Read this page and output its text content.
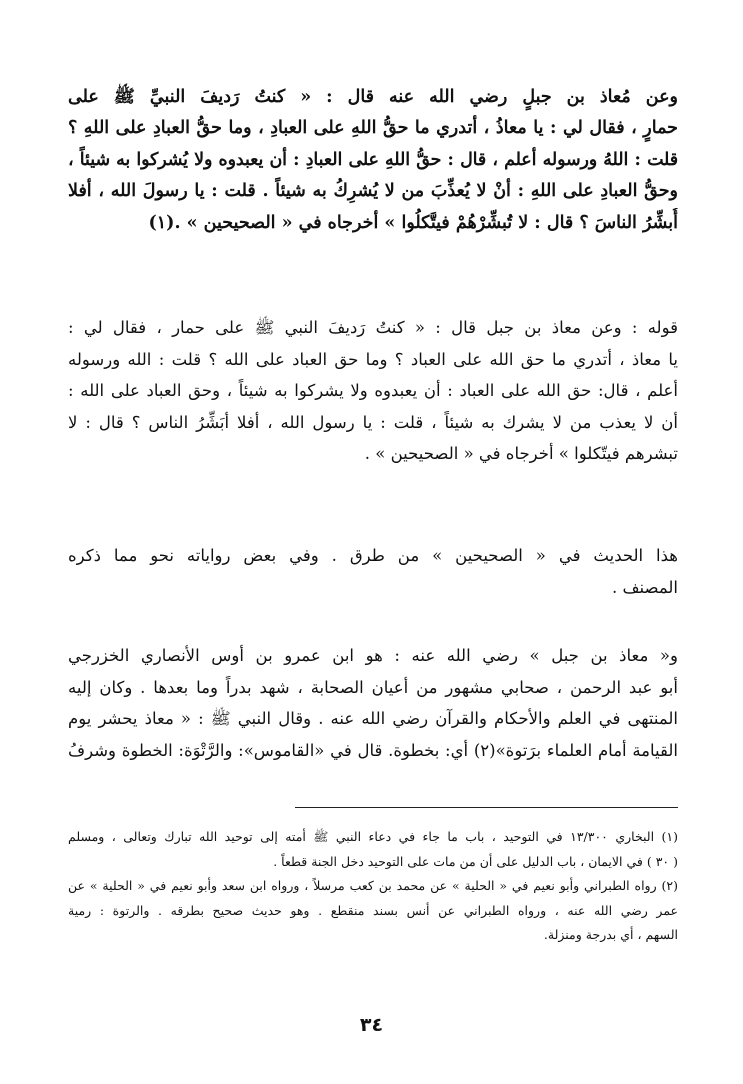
وعن مُعاذ بن جبلٍ رضي الله عنه قال : « كنتُ رَديفَ النبيِّ ﷺ على
حمارٍ ، فقال لي : يا معاذُ ، أتدري ما حقُّ اللهِ على العبادِ ، وما حقُّ العبادِ على اللهِ ؟
قلت : اللهُ ورسوله أعلم ، قال : حقُّ اللهِ على العبادِ : أن يعبدوه ولا يُشركوا به شيئاً ،
وحقُّ العبادِ على اللهِ : أنْ لا يُعذِّبَ من لا يُشرِكُ به شيئاً . قلت : يا رسولَ الله ، أفلا
أُبشِّرُ الناسَ ؟ قال : لا تُبشِّرْهُمْ فيتَّكلُوا » أخرجاه في « الصحيحين » .(١)
قوله : وعن معاذ بن جبل قال : « كنتُ رَديفَ النبي ﷺ على حمار ، فقال لي :
يا معاذ ، أتدري ما حق الله على العباد ؟ وما حق العباد على الله ؟ قلت : الله ورسوله
أعلم ، قال: حق الله على العباد : أن يعبدوه ولا يشركوا به شيئاً ، وحق العباد على الله :
أن لا يعذب من لا يشرك به شيئاً ، قلت : يا رسول الله ، أفلا أبَشِّرُ الناس ؟ قال : لا
تبشرهم فيتّكلوا » أخرجاه في « الصحيحين » .
هذا الحديث في « الصحيحين » من طرق . وفي بعض رواياته نحو مما ذكره
المصنف .
و« معاذ بن جبل » رضي الله عنه : هو ابن عمرو بن أوس الأنصاري الخزرجي
أبو عبد الرحمن ، صحابي مشهور من أعيان الصحابة ، شهد بدراً وما بعدها . وكان إليه
المنتهى في العلم والأحكام والقرآن رضي الله عنه . وقال النبي ﷺ : « معاذ يحشر يوم
القيامة أمام العلماء برَتوة»(٢) أي: بخطوة. قال في «القاموس»: والرَّتْوَة: الخطوة وشرفُ
(١) البخاري ١٣/٣٠٠ في التوحيد ، باب ما جاء في دعاء النبي ﷺ أمته إلى توحيد الله تبارك وتعالى ، ومسلم
( ٣٠ ) في الايمان ، باب الدليل على أن من مات على التوحيد دخل الجنة قطعاً .
(٢) رواه الطبراني وأبو نعيم في « الحلية » عن محمد بن كعب مرسلاً ، ورواه ابن سعد وأبو نعيم في « الحلية » عن
عمر رضي الله عنه ، ورواه الطبراني عن أنس بسند منقطع . وهو حديث صحيح بطرقه . والرتوة : رمية
السهم ، أي بدرجة ومنزلة.
٣٤
